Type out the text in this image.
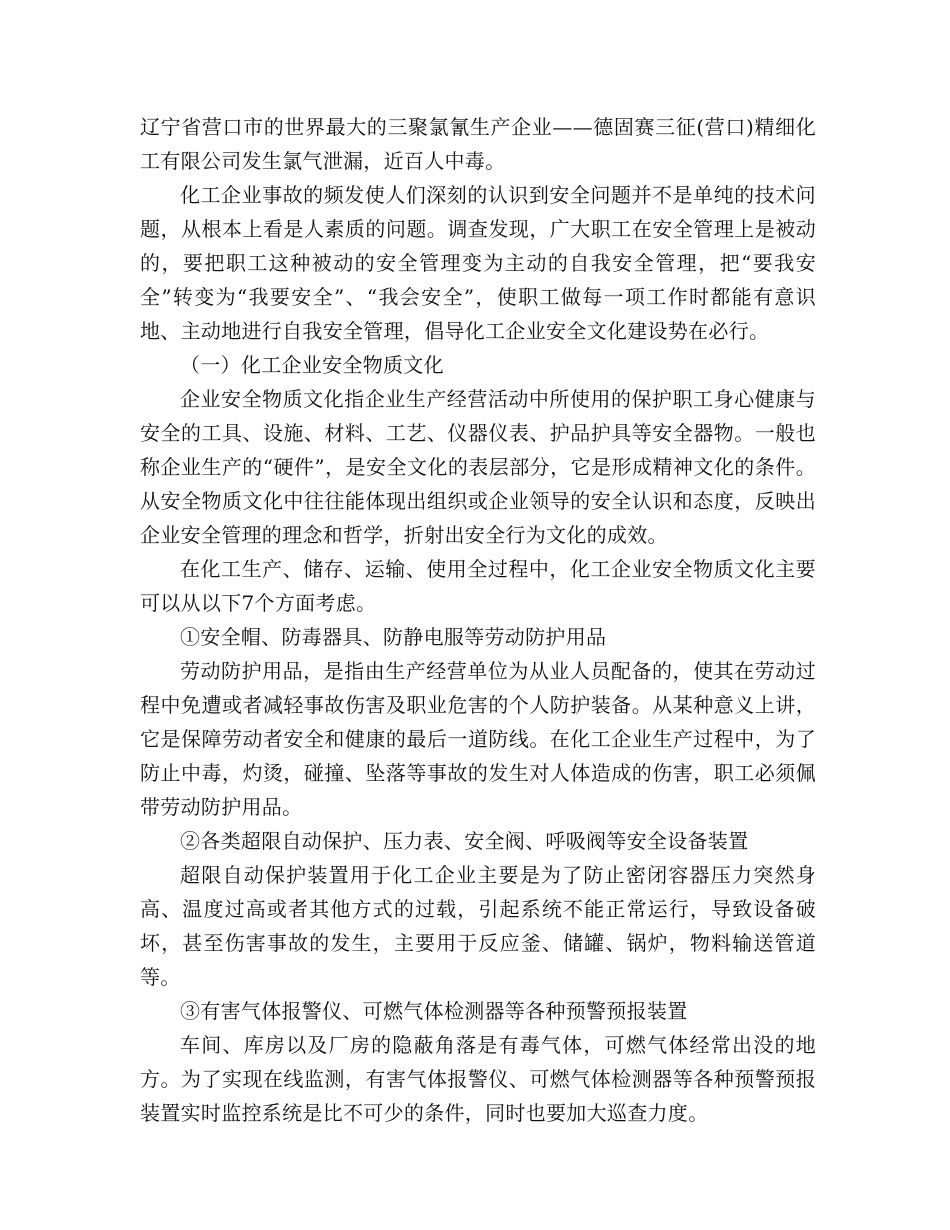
辽宁省营口市的世界最大的三聚氯氰生产企业——德固赛三征(营口)精细化工有限公司发生氯气泄漏，近百人中毒。

化工企业事故的频发使人们深刻的认识到安全问题并不是单纯的技术问题，从根本上看是人素质的问题。调查发现，广大职工在安全管理上是被动的，要把职工这种被动的安全管理变为主动的自我安全管理，把“要我安全”转变为“我要安全”、“我会安全”，使职工做每一项工作时都能有意识地、主动地进行自我安全管理，倡导化工企业安全文化建设势在必行。

（一）化工企业安全物质文化

企业安全物质文化指企业生产经营活动中所使用的保护职工身心健康与安全的工具、设施、材料、工艺、仪器仪表、护品护具等安全器物。一般也称企业生产的“硬件”，是安全文化的表层部分，它是形成精神文化的条件。从安全物质文化中往往能体现出组织或企业领导的安全认识和态度，反映出企业安全管理的理念和哲学，折射出安全行为文化的成效。

在化工生产、储存、运输、使用全过程中，化工企业安全物质文化主要可以从以下7个方面考虑。

①安全帽、防毒器具、防静电服等劳动防护用品

劳动防护用品，是指由生产经营单位为从业人员配备的，使其在劳动过程中免遭或者减轻事故伤害及职业危害的个人防护装备。从某种意义上讲，它是保障劳动者安全和健康的最后一道防线。在化工企业生产过程中，为了防止中毒，灼烫，碰撞、坠落等事故的发生对人体造成的伤害，职工必须佩带劳动防护用品。

②各类超限自动保护、压力表、安全阀、呼吸阀等安全设备装置

超限自动保护装置用于化工企业主要是为了防止密闭容器压力突然身高、温度过高或者其他方式的过载，引起系统不能正常运行，导致设备破坏，甚至伤害事故的发生，主要用于反应釜、储罐、锅炉，物料输送管道等。

③有害气体报警仪、可燃气体检测器等各种预警预报装置

车间、库房以及厂房的隐蔽角落是有毒气体，可燃气体经常出没的地方。为了实现在线监测，有害气体报警仪、可燃气体检测器等各种预警预报装置实时监控系统是比不可少的条件，同时也要加大巡查力度。
